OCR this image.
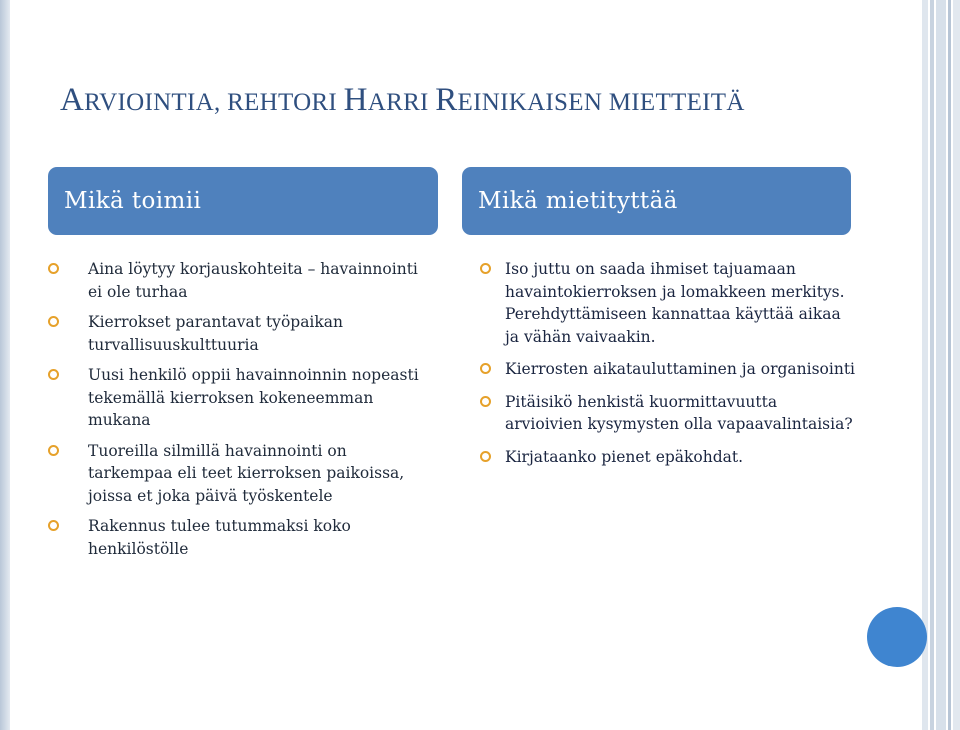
ARVIOINTIA, REHTORI HARRI REINIKAISEN MIETTEITÄ
Mikä toimii	Mikä mietityttää
Aina löytyy korjauskohteita – havainnointi ei ole turhaa
Kierrokset parantavat työpaikan turvallisuuskulttuuria
Uusi henkilö oppii havainnoinnin nopeasti tekemällä kierroksen kokeneemman mukana
Tuoreilla silmillä havainnointi on tarkempaa eli teet kierroksen paikoissa, joissa et joka päivä työskentele
Rakennus tulee tutummaksi koko henkilöstölle
Iso juttu on saada ihmiset tajuamaan havaintokierroksen ja lomakkeen merkitys. Perehdyttämiseen kannattaa käyttää aikaa ja vähän vaivaakin.
Kierrosten aikatauluttaminen ja organisointi
Pitäisikö henkistä kuormittavuutta arvioivien kysymysten olla vapaavalintaisia?
Kirjataanko pienet epäkohdat.
